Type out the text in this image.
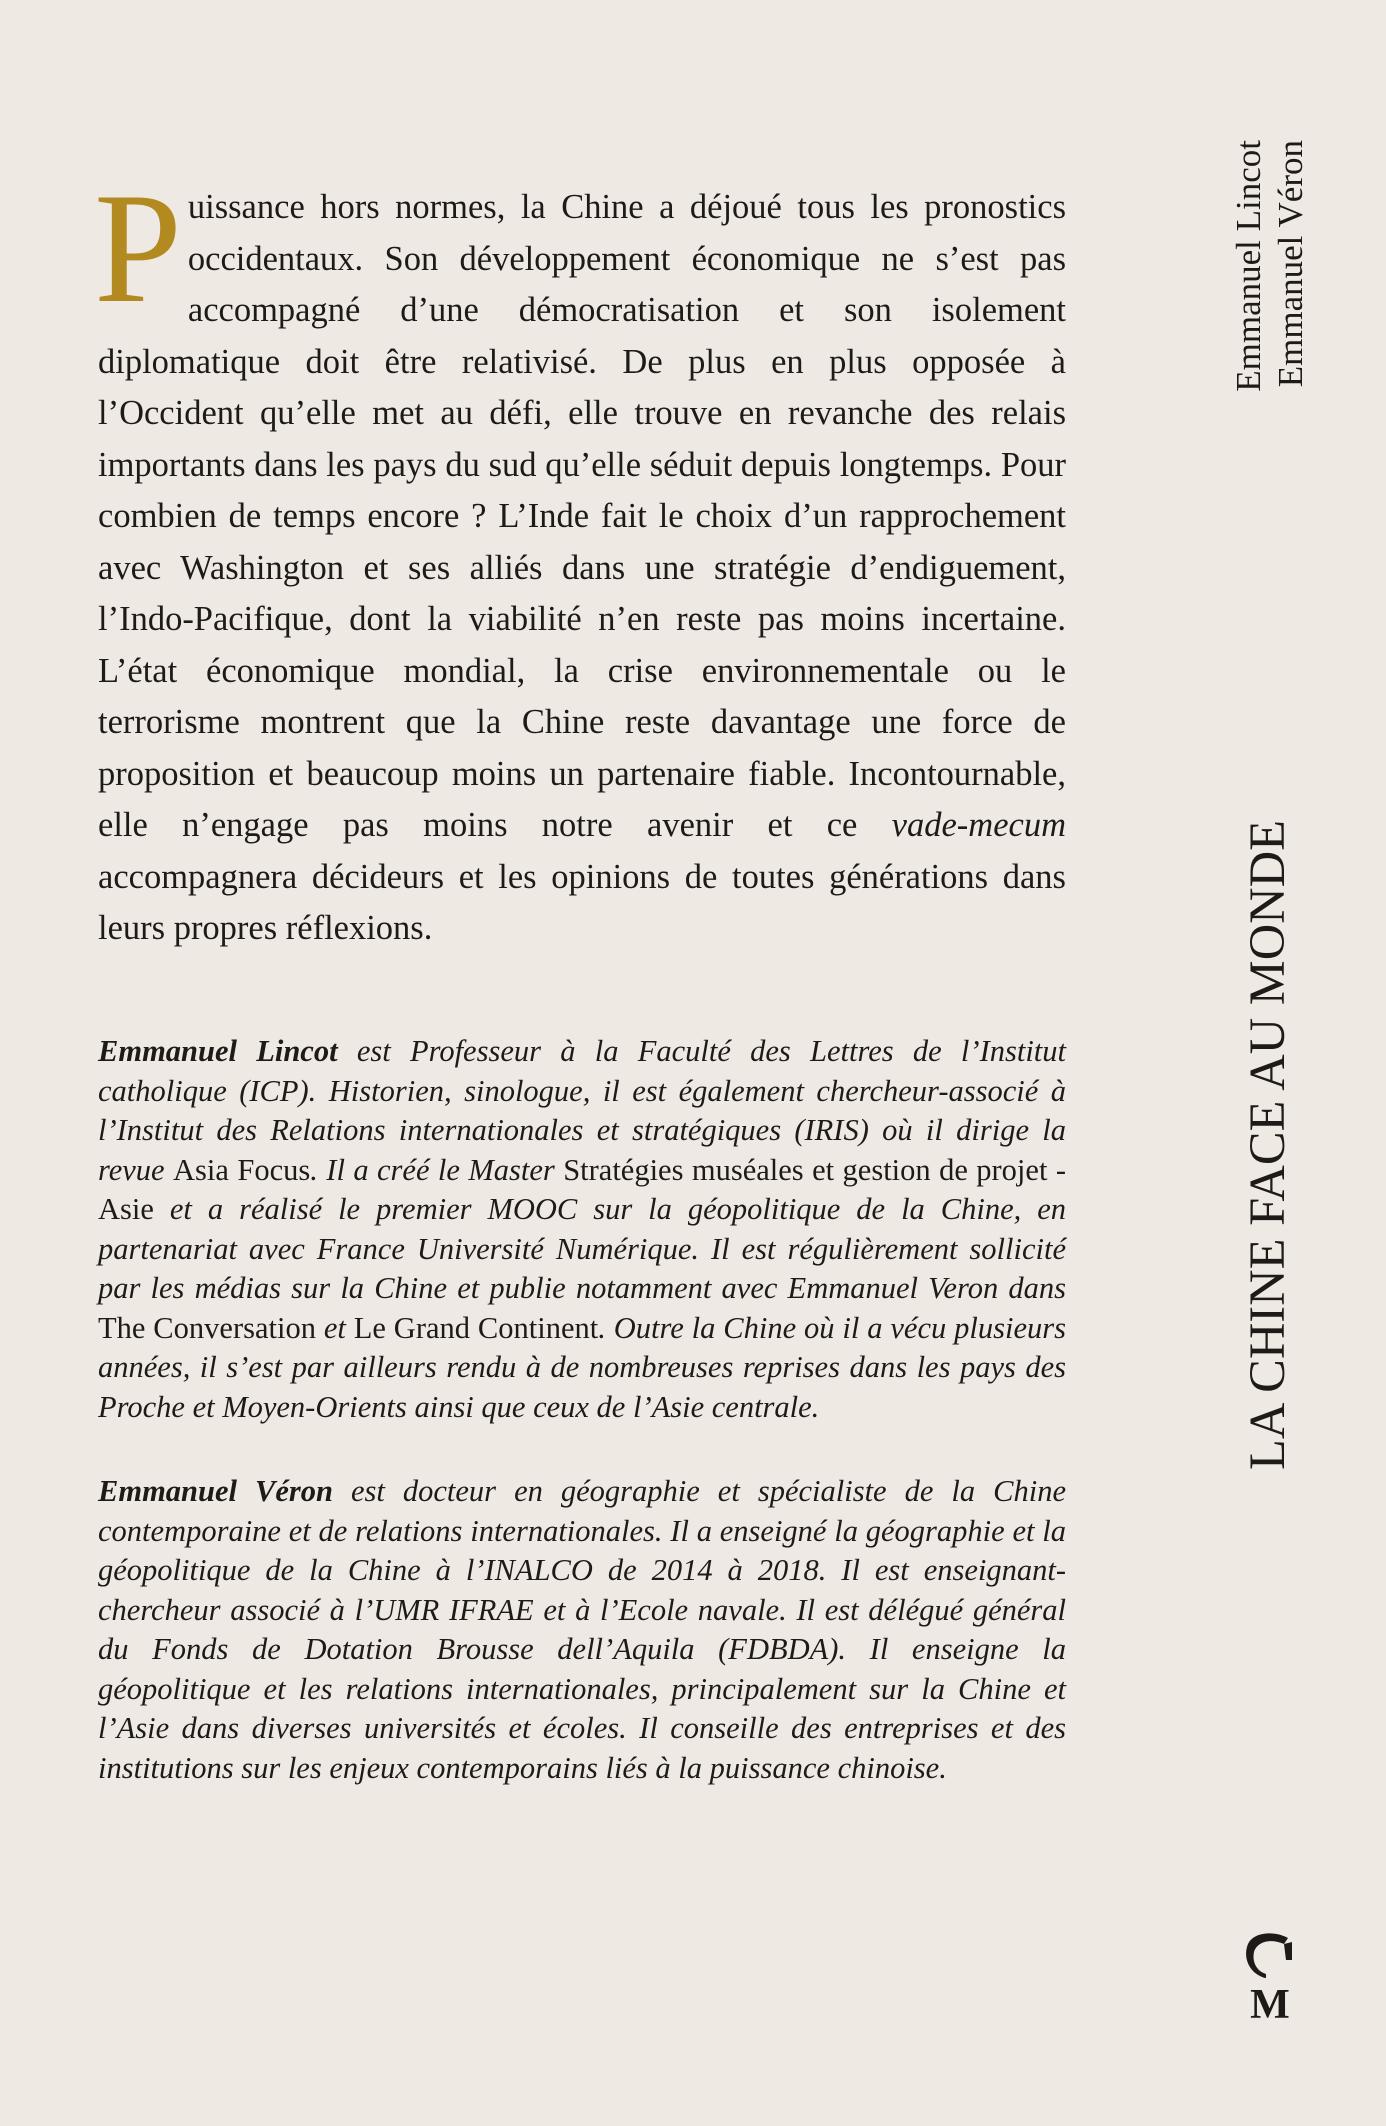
Puissance hors normes, la Chine a déjoué tous les pronostics occidentaux. Son développement économique ne s’est pas accompagné d’une démocratisation et son isolement diplomatique doit être relativisé. De plus en plus opposée à l’Occident qu’elle met au défi, elle trouve en revanche des relais importants dans les pays du sud qu’elle séduit depuis longtemps. Pour combien de temps encore ? L’Inde fait le choix d’un rapprochement avec Washington et ses alliés dans une stratégie d’endiguement, l’Indo-Pacifique, dont la viabilité n’en reste pas moins incertaine. L’état économique mondial, la crise environnementale ou le terrorisme montrent que la Chine reste davantage une force de proposition et beaucoup moins un partenaire fiable. Incontournable, elle n’engage pas moins notre avenir et ce vade-mecum accompagnera décideurs et les opinions de toutes générations dans leurs propres réflexions.

Emmanuel Lincot est Professeur à la Faculté des Lettres de l’Institut catholique (ICP). Historien, sinologue, il est également chercheur-associé à l’Institut des Relations internationales et stratégiques (IRIS) où il dirige la revue Asia Focus. Il a créé le Master Stratégies muséales et gestion de projet - Asie et a réalisé le premier MOOC sur la géopolitique de la Chine, en partenariat avec France Université Numérique. Il est régulièrement sollicité par les médias sur la Chine et publie notamment avec Emmanuel Veron dans The Conversation et Le Grand Continent. Outre la Chine où il a vécu plusieurs années, il s’est par ailleurs rendu à de nombreuses reprises dans les pays des Proche et Moyen-Orients ainsi que ceux de l’Asie centrale.

Emmanuel Véron est docteur en géographie et spécialiste de la Chine contemporaine et de relations internationales. Il a enseigné la géographie et la géopolitique de la Chine à l’INALCO de 2014 à 2018. Il est enseignant-chercheur associé à l’UMR IFRAE et à l’Ecole navale. Il est délégué général du Fonds de Dotation Brousse dell’Aquila (FDBDA). Il enseigne la géopolitique et les relations internationales, principalement sur la Chine et l’Asie dans diverses universités et écoles. Il conseille des entreprises et des institutions sur les enjeux contemporains liés à la puissance chinoise.

Emmanuel Lincot Emmanuel Véron
LA CHINE FACE AU MONDE
M
